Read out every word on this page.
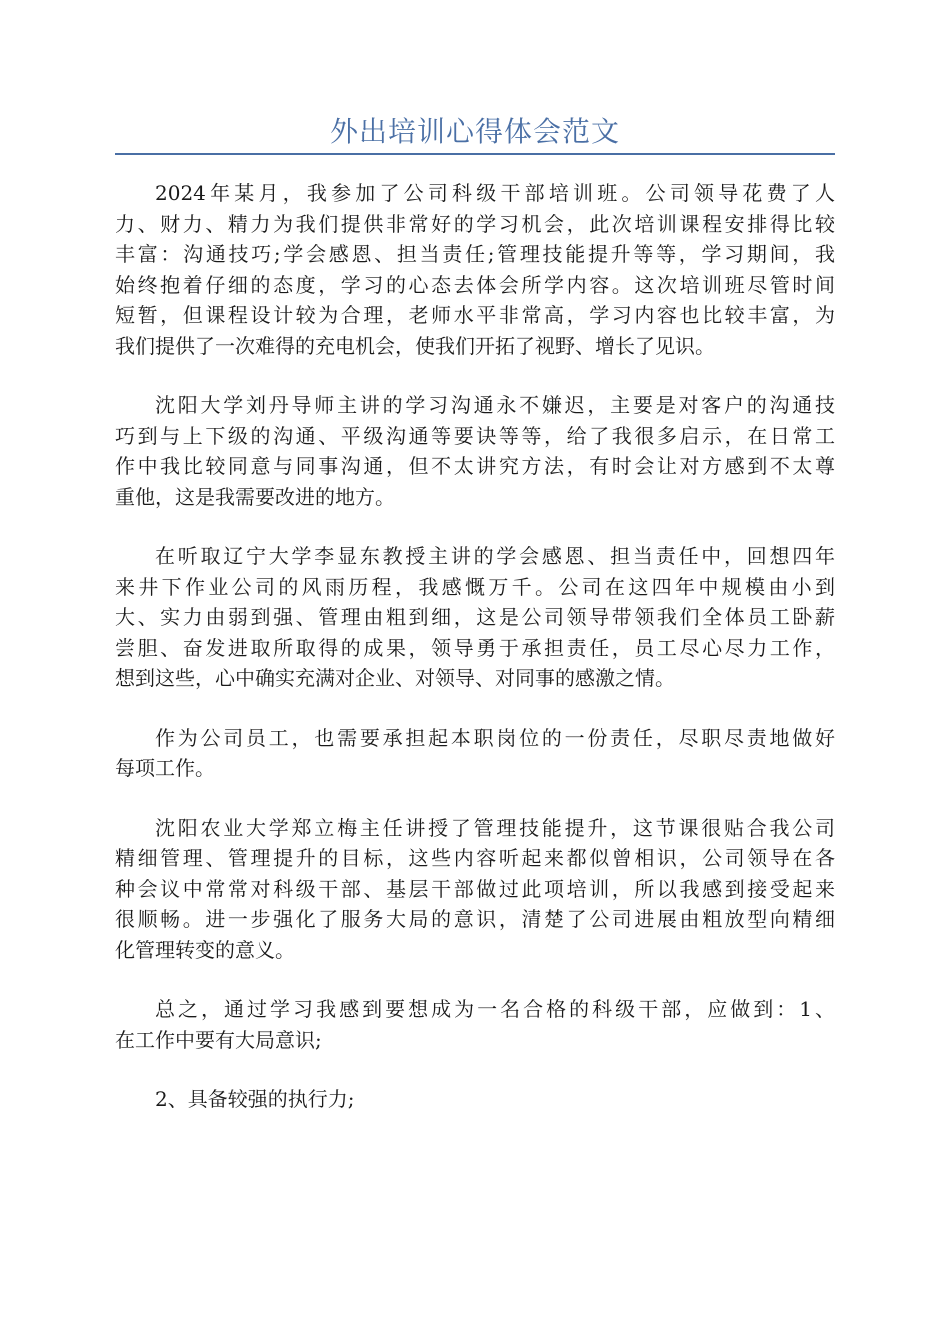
外出培训心得体会范文

2024年某月，我参加了公司科级干部培训班。公司领导花费了人
力、财力、精力为我们提供非常好的学习机会，此次培训课程安排得比较
丰富：沟通技巧;学会感恩、担当责任;管理技能提升等等，学习期间，我
始终抱着仔细的态度，学习的心态去体会所学内容。这次培训班尽管时间
短暂，但课程设计较为合理，老师水平非常高，学习内容也比较丰富，为
我们提供了一次难得的充电机会，使我们开拓了视野、增长了见识。

沈阳大学刘丹导师主讲的学习沟通永不嫌迟，主要是对客户的沟通技
巧到与上下级的沟通、平级沟通等要诀等等，给了我很多启示，在日常工
作中我比较同意与同事沟通，但不太讲究方法，有时会让对方感到不太尊
重他，这是我需要改进的地方。

在听取辽宁大学李显东教授主讲的学会感恩、担当责任中，回想四年
来井下作业公司的风雨历程，我感慨万千。公司在这四年中规模由小到
大、实力由弱到强、管理由粗到细，这是公司领导带领我们全体员工卧薪
尝胆、奋发进取所取得的成果，领导勇于承担责任，员工尽心尽力工作，
想到这些，心中确实充满对企业、对领导、对同事的感激之情。

作为公司员工，也需要承担起本职岗位的一份责任，尽职尽责地做好
每项工作。

沈阳农业大学郑立梅主任讲授了管理技能提升，这节课很贴合我公司
精细管理、管理提升的目标，这些内容听起来都似曾相识，公司领导在各
种会议中常常对科级干部、基层干部做过此项培训，所以我感到接受起来
很顺畅。进一步强化了服务大局的意识，清楚了公司进展由粗放型向精细
化管理转变的意义。

总之，通过学习我感到要想成为一名合格的科级干部，应做到：1、
在工作中要有大局意识;

2、具备较强的执行力;
